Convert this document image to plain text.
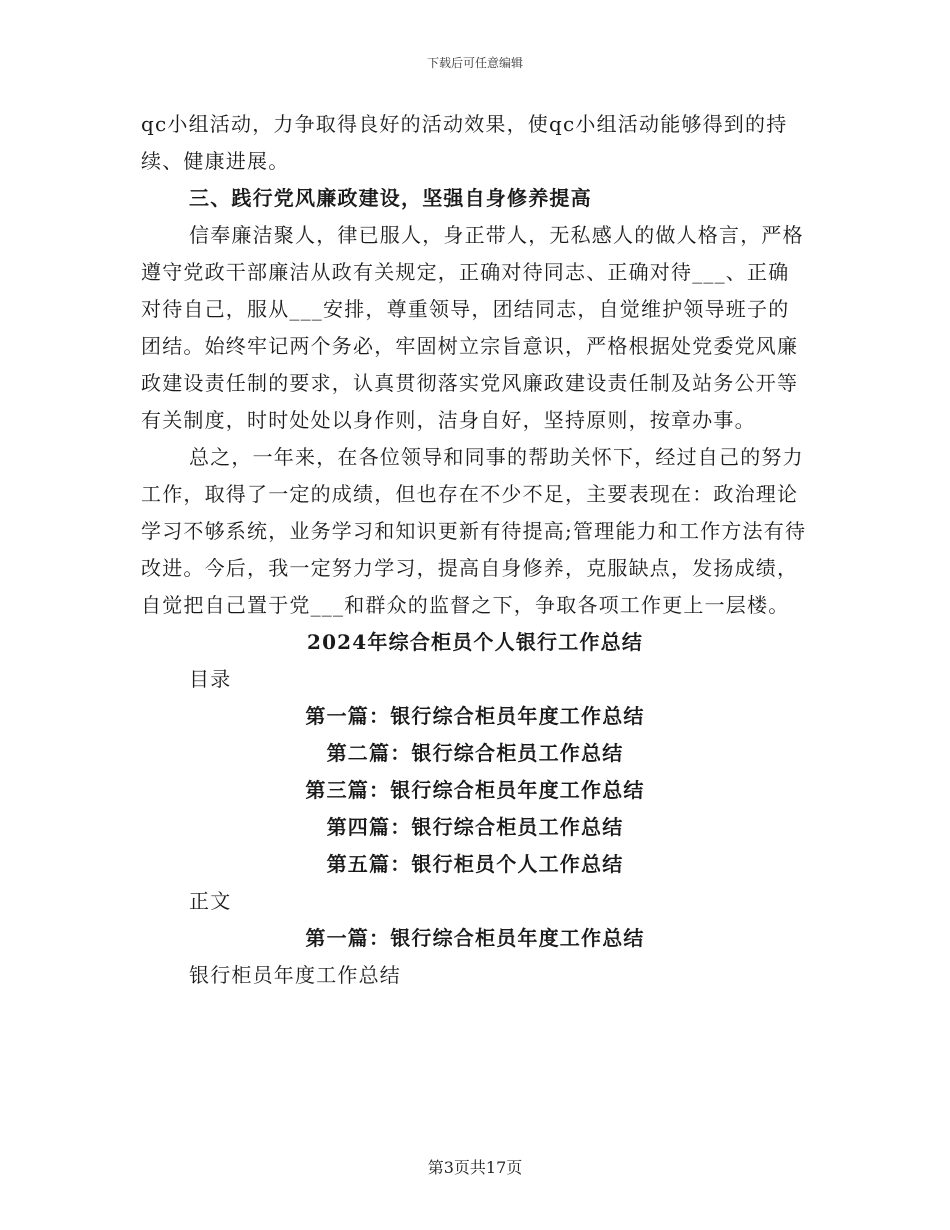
下载后可任意编辑

qc小组活动，力争取得良好的活动效果，使qc小组活动能够得到的持续、健康进展。

三、践行党风廉政建设，坚强自身修养提高

信奉廉洁聚人，律已服人，身正带人，无私感人的做人格言，严格遵守党政干部廉洁从政有关规定，正确对待同志、正确对待___、正确对待自己，服从___安排，尊重领导，团结同志，自觉维护领导班子的团结。始终牢记两个务必，牢固树立宗旨意识，严格根据处党委党风廉政建设责任制的要求，认真贯彻落实党风廉政建设责任制及站务公开等有关制度，时时处处以身作则，洁身自好，坚持原则，按章办事。

总之，一年来，在各位领导和同事的帮助关怀下，经过自己的努力工作，取得了一定的成绩，但也存在不少不足，主要表现在：政治理论学习不够系统，业务学习和知识更新有待提高;管理能力和工作方法有待改进。今后，我一定努力学习，提高自身修养，克服缺点，发扬成绩，自觉把自己置于党___和群众的监督之下，争取各项工作更上一层楼。

2024年综合柜员个人银行工作总结

目录

第一篇：银行综合柜员年度工作总结

第二篇：银行综合柜员工作总结

第三篇：银行综合柜员年度工作总结

第四篇：银行综合柜员工作总结

第五篇：银行柜员个人工作总结

正文

第一篇：银行综合柜员年度工作总结

银行柜员年度工作总结

第3页共17页
